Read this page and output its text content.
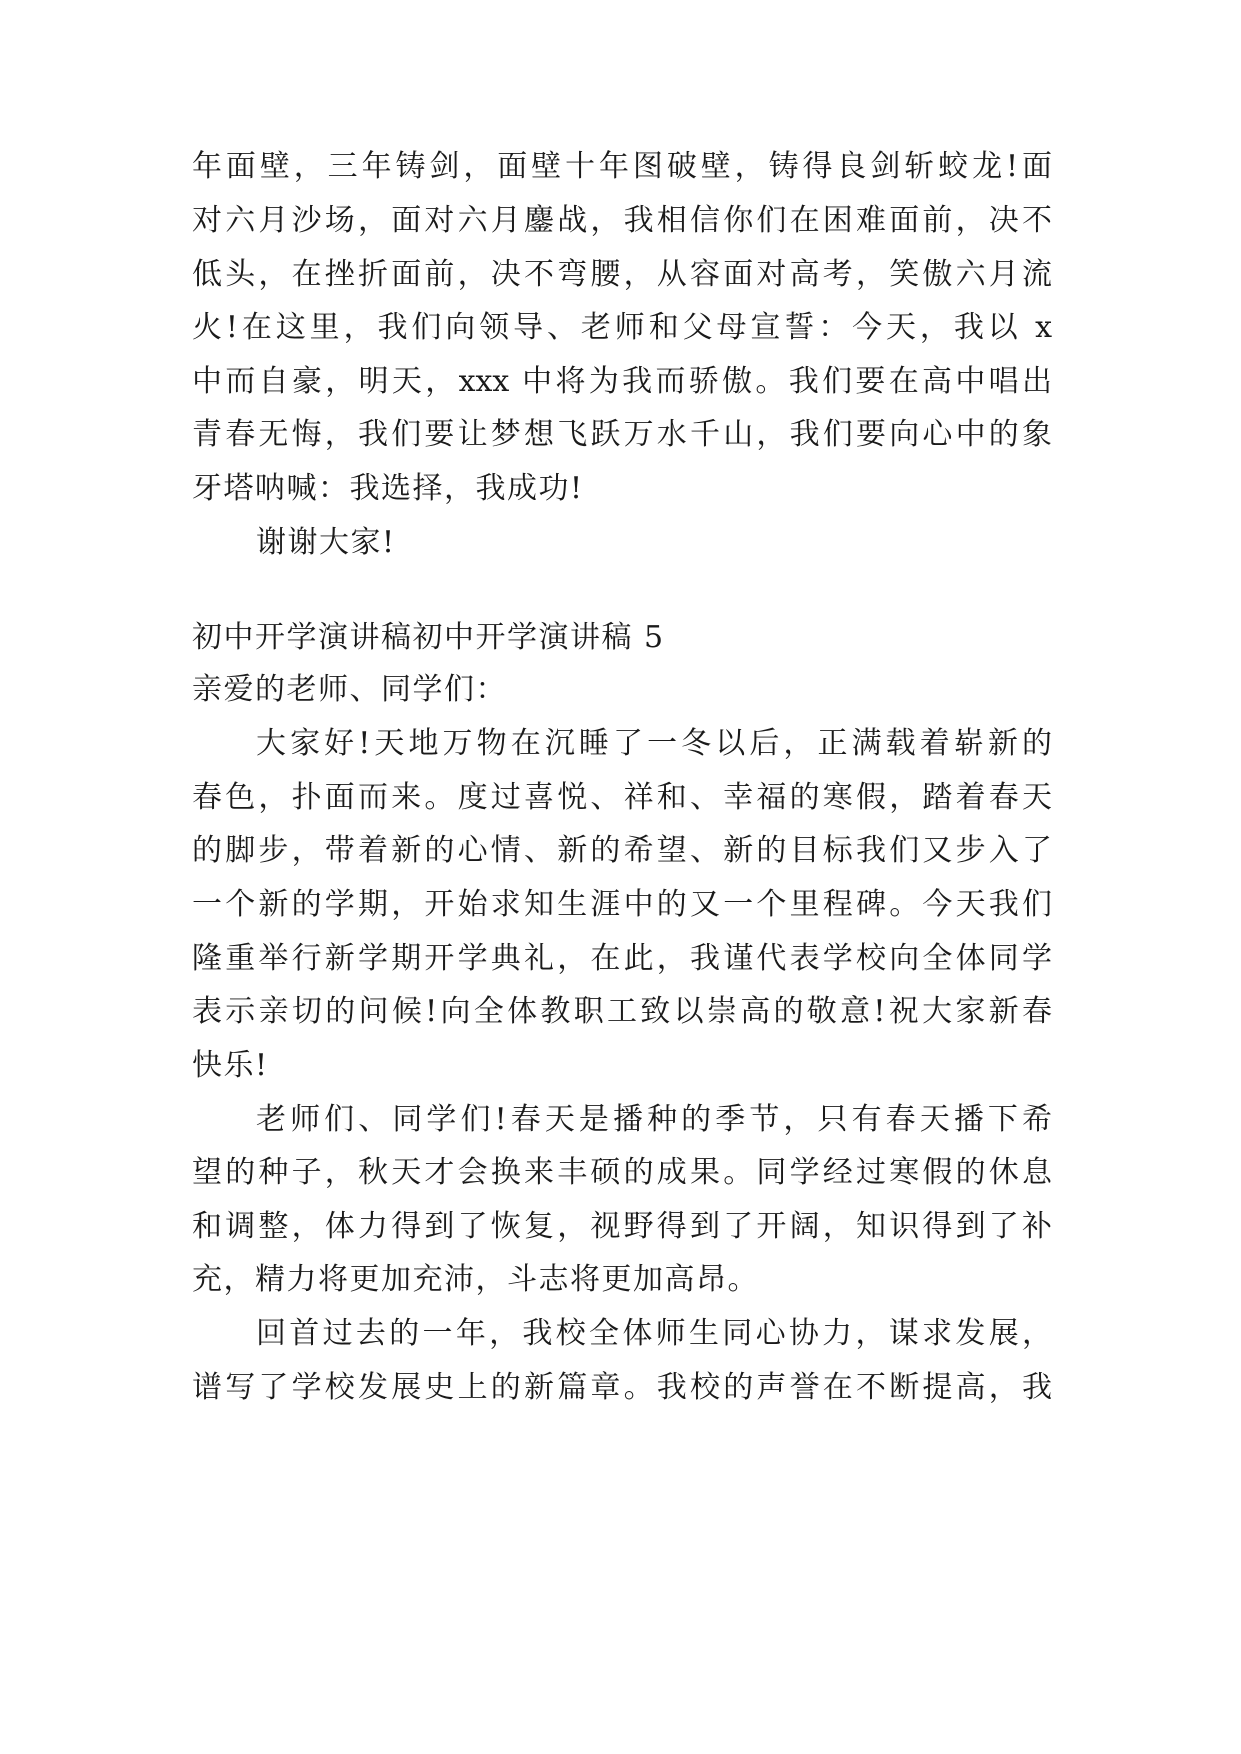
年面壁，三年铸剑，面壁十年图破壁，铸得良剑斩蛟龙!面
对六月沙场，面对六月鏖战，我相信你们在困难面前，决不
低头，在挫折面前，决不弯腰，从容面对高考，笑傲六月流
火!在这里，我们向领导、老师和父母宣誓：今天，我以 x
中而自豪，明天，xxx 中将为我而骄傲。我们要在高中唱出
青春无悔，我们要让梦想飞跃万水千山，我们要向心中的象
牙塔呐喊：我选择，我成功!
谢谢大家!
初中开学演讲稿初中开学演讲稿 5
亲爱的老师、同学们：
大家好!天地万物在沉睡了一冬以后，正满载着崭新的
春色，扑面而来。度过喜悦、祥和、幸福的寒假，踏着春天
的脚步，带着新的心情、新的希望、新的目标我们又步入了
一个新的学期，开始求知生涯中的又一个里程碑。今天我们
隆重举行新学期开学典礼，在此，我谨代表学校向全体同学
表示亲切的问候!向全体教职工致以崇高的敬意!祝大家新春
快乐!
老师们、同学们!春天是播种的季节，只有春天播下希
望的种子，秋天才会换来丰硕的成果。同学经过寒假的休息
和调整，体力得到了恢复，视野得到了开阔，知识得到了补
充，精力将更加充沛，斗志将更加高昂。
回首过去的一年，我校全体师生同心协力，谋求发展，
谱写了学校发展史上的新篇章。我校的声誉在不断提高，我
